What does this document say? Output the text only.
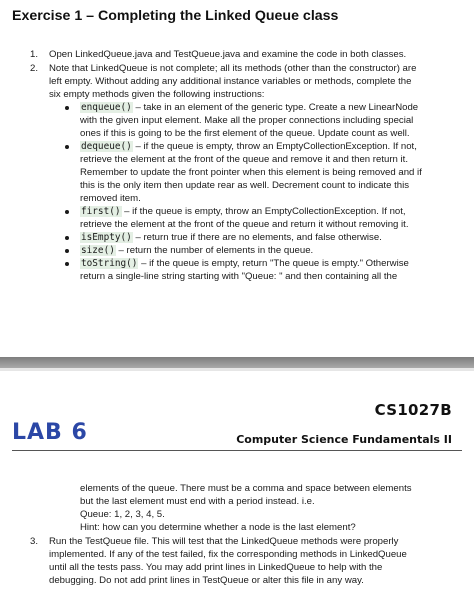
Exercise 1 – Completing the Linked Queue class
1. Open LinkedQueue.java and TestQueue.java and examine the code in both classes.
2. Note that LinkedQueue is not complete; all its methods (other than the constructor) are
left empty. Without adding any additional instance variables or methods, complete the
six empty methods given the following instructions:
enqueue() – take in an element of the generic type. Create a new LinearNode
with the given input element. Make all the proper connections including special
ones if this is going to be the first element of the queue. Update count as well.
dequeue() – if the queue is empty, throw an EmptyCollectionException. If not,
retrieve the element at the front of the queue and remove it and then return it.
Remember to update the front pointer when this element is being removed and if
this is the only item then update rear as well. Decrement count to indicate this
removed item.
first() – if the queue is empty, throw an EmptyCollectionException. If not,
retrieve the element at the front of the queue and return it without removing it.
isEmpty() – return true if there are no elements, and false otherwise.
size() – return the number of elements in the queue.
toString() – if the queue is empty, return "The queue is empty." Otherwise
return a single-line string starting with "Queue: " and then containing all the
CS1027B
LAB 6	Computer Science Fundamentals II
elements of the queue. There must be a comma and space between elements
but the last element must end with a period instead. i.e.
Queue: 1, 2, 3, 4, 5.
Hint: how can you determine whether a node is the last element?
3. Run the TestQueue file. This will test that the LinkedQueue methods were properly
implemented. If any of the test failed, fix the corresponding methods in LinkedQueue
until all the tests pass. You may add print lines in LinkedQueue to help with the
debugging. Do not add print lines in TestQueue or alter this file in any way.
